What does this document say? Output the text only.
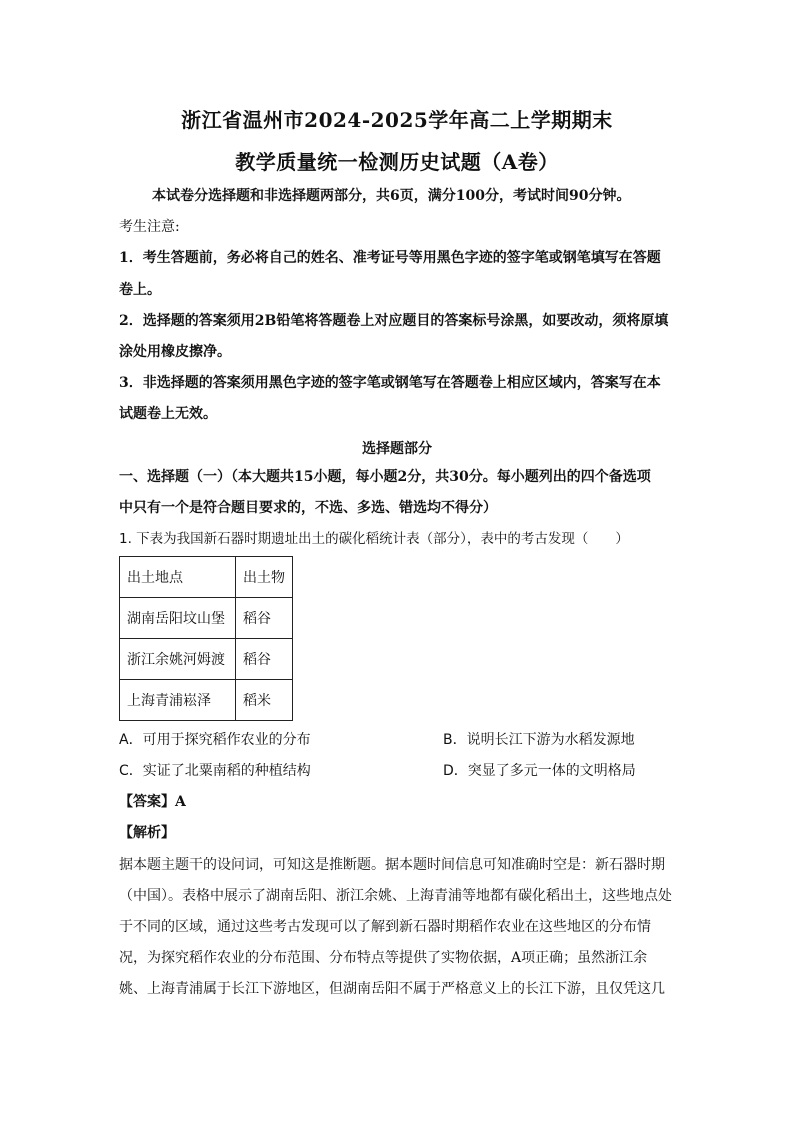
浙江省温州市2024-2025学年高二上学期期末
教学质量统一检测历史试题（A卷）
本试卷分选择题和非选择题两部分，共6页，满分100分，考试时间90分钟。
考生注意:
1．考生答题前，务必将自己的姓名、准考证号等用黑色字迹的签字笔或钢笔填写在答题
卷上。
2．选择题的答案须用2B铅笔将答题卷上对应题目的答案标号涂黑，如要改动，须将原填
涂处用橡皮擦净。
3．非选择题的答案须用黑色字迹的签字笔或钢笔写在答题卷上相应区域内，答案写在本
试题卷上无效。
选择题部分
一、选择题（一）（本大题共15小题，每小题2分，共30分。每小题列出的四个备选项
中只有一个是符合题目要求的，不选、多选、错选均不得分）
1. 下表为我国新石器时期遗址出土的碳化稻统计表（部分），表中的考古发现（　　）
出土地点	出土物
湖南岳阳坟山堡	稻谷
浙江余姚河姆渡	稻谷
上海青浦崧泽	稻米
A．可用于探究稻作农业的分布	B．说明长江下游为水稻发源地
C．实证了北粟南稻的种植结构	D．突显了多元一体的文明格局
【答案】A
【解析】
据本题主题干的设问词，可知这是推断题。据本题时间信息可知准确时空是：新石器时期
（中国）。表格中展示了湖南岳阳、浙江余姚、上海青浦等地都有碳化稻出土，这些地点处
于不同的区域，通过这些考古发现可以了解到新石器时期稻作农业在这些地区的分布情
况，为探究稻作农业的分布范围、分布特点等提供了实物依据，A项正确；虽然浙江余
姚、上海青浦属于长江下游地区，但湖南岳阳不属于严格意义上的长江下游，且仅凭这几
